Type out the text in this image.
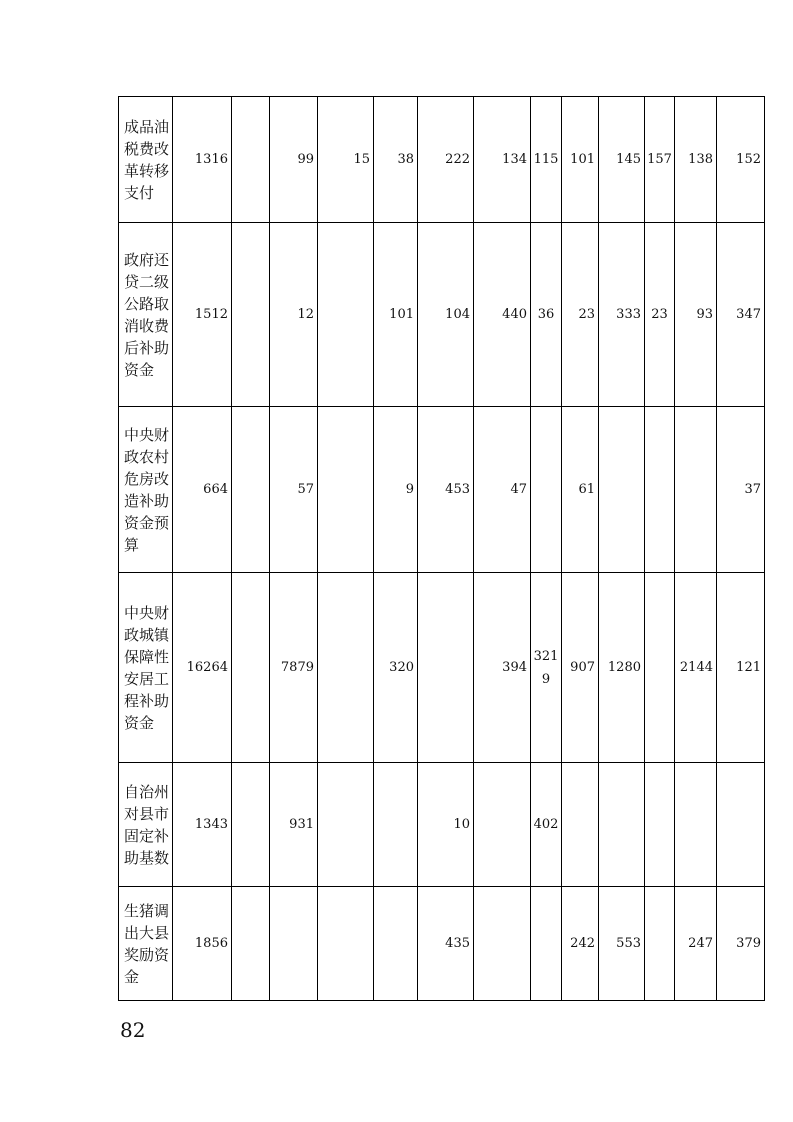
成品油税费改革转移支付	1316		99	15	38	222	134	115	101	145	157	138	152
政府还贷二级公路取消收费后补助资金	1512		12		101	104	440	36	23	333	23	93	347
中央财政农村危房改造补助资金预算	664		57		9	453	47		61				37
中央财政城镇保障性安居工程补助资金	16264		7879		320		394	3219	907	1280		2144	121
自治州对县市固定补助基数	1343		931			10		402					
生猪调出大县奖励资金	1856					435			242	553		247	379
82
